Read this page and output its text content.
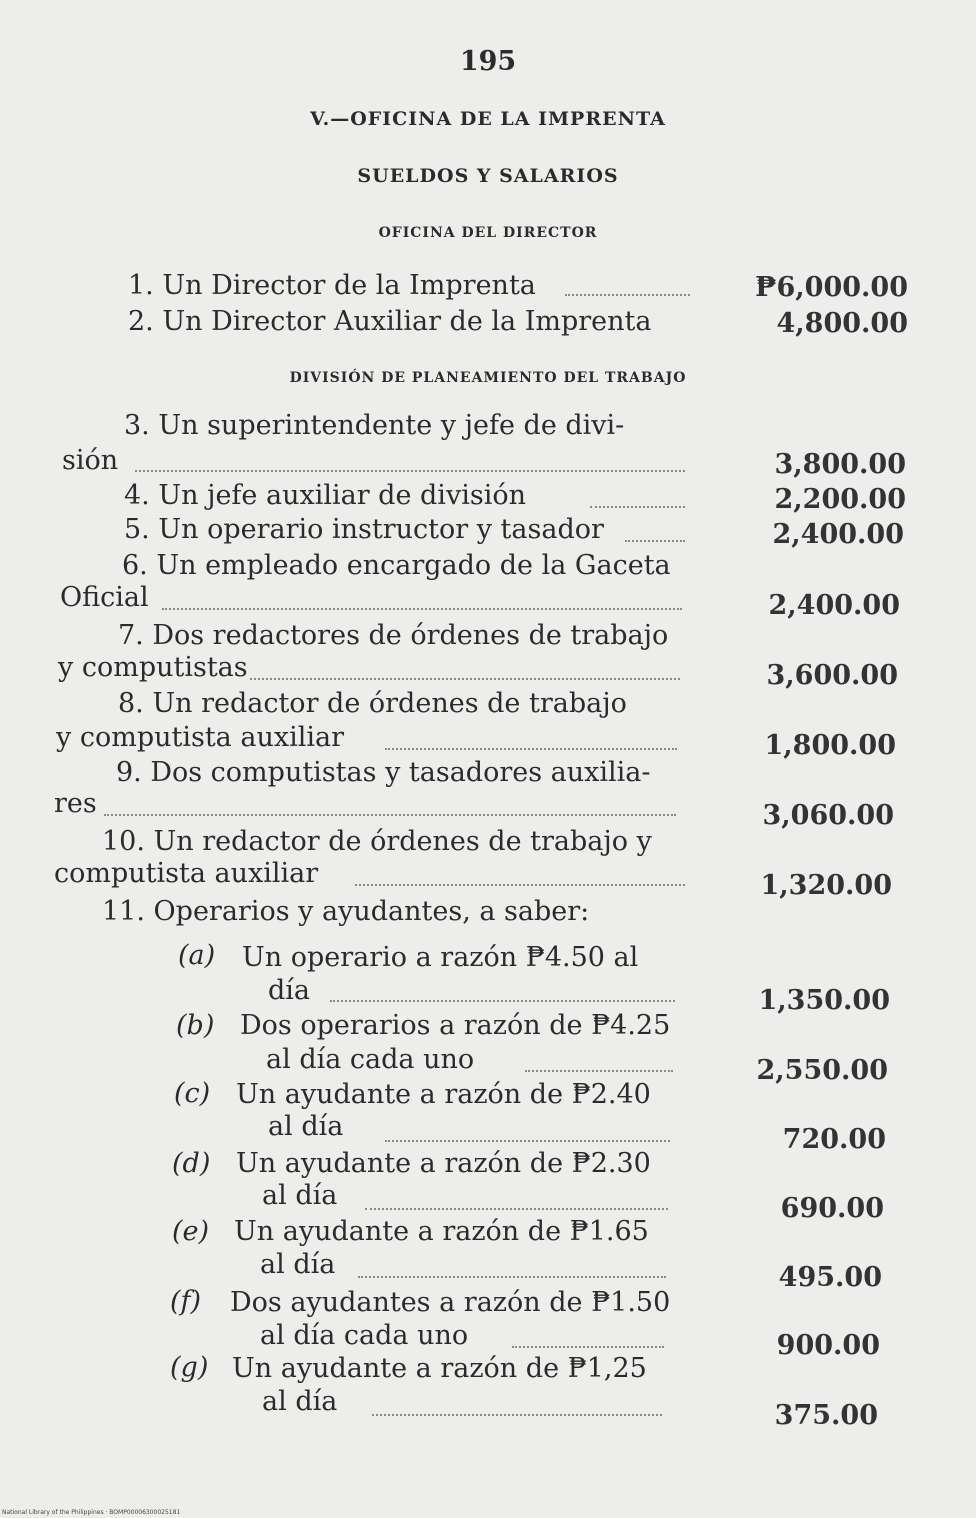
195
V.—OFICINA DE LA IMPRENTA
SUELDOS Y SALARIOS
OFICINA DEL DIRECTOR
1. Un Director de la Imprenta	₱6,000.00
2. Un Director Auxiliar de la Imprenta	4,800.00
DIVISIÓN DE PLANEAMIENTO DEL TRABAJO
3. Un superintendente y jefe de divi-
sión	3,800.00
4. Un jefe auxiliar de división	2,200.00
5. Un operario instructor y tasador	2,400.00
6. Un empleado encargado de la Gaceta
Oficial	2,400.00
7. Dos redactores de órdenes de trabajo
y computistas	3,600.00
8. Un redactor de órdenes de trabajo
y computista auxiliar	1,800.00
9. Dos computistas y tasadores auxilia-
res	3,060.00
10. Un redactor de órdenes de trabajo y
computista auxiliar	1,320.00
11. Operarios y ayudantes, a saber:
(a) Un operario a razón ₱4.50 al
día	1,350.00
(b) Dos operarios a razón de ₱4.25
al día cada uno	2,550.00
(c) Un ayudante a razón de ₱2.40
al día	720.00
(d) Un ayudante a razón de ₱2.30
al día	690.00
(e) Un ayudante a razón de ₱1.65
al día	495.00
(f) Dos ayudantes a razón de ₱1.50
al día cada uno	900.00
(g) Un ayudante a razón de ₱1,25
al día	375.00
National Library of the Philippines · BOMP00006300025181
